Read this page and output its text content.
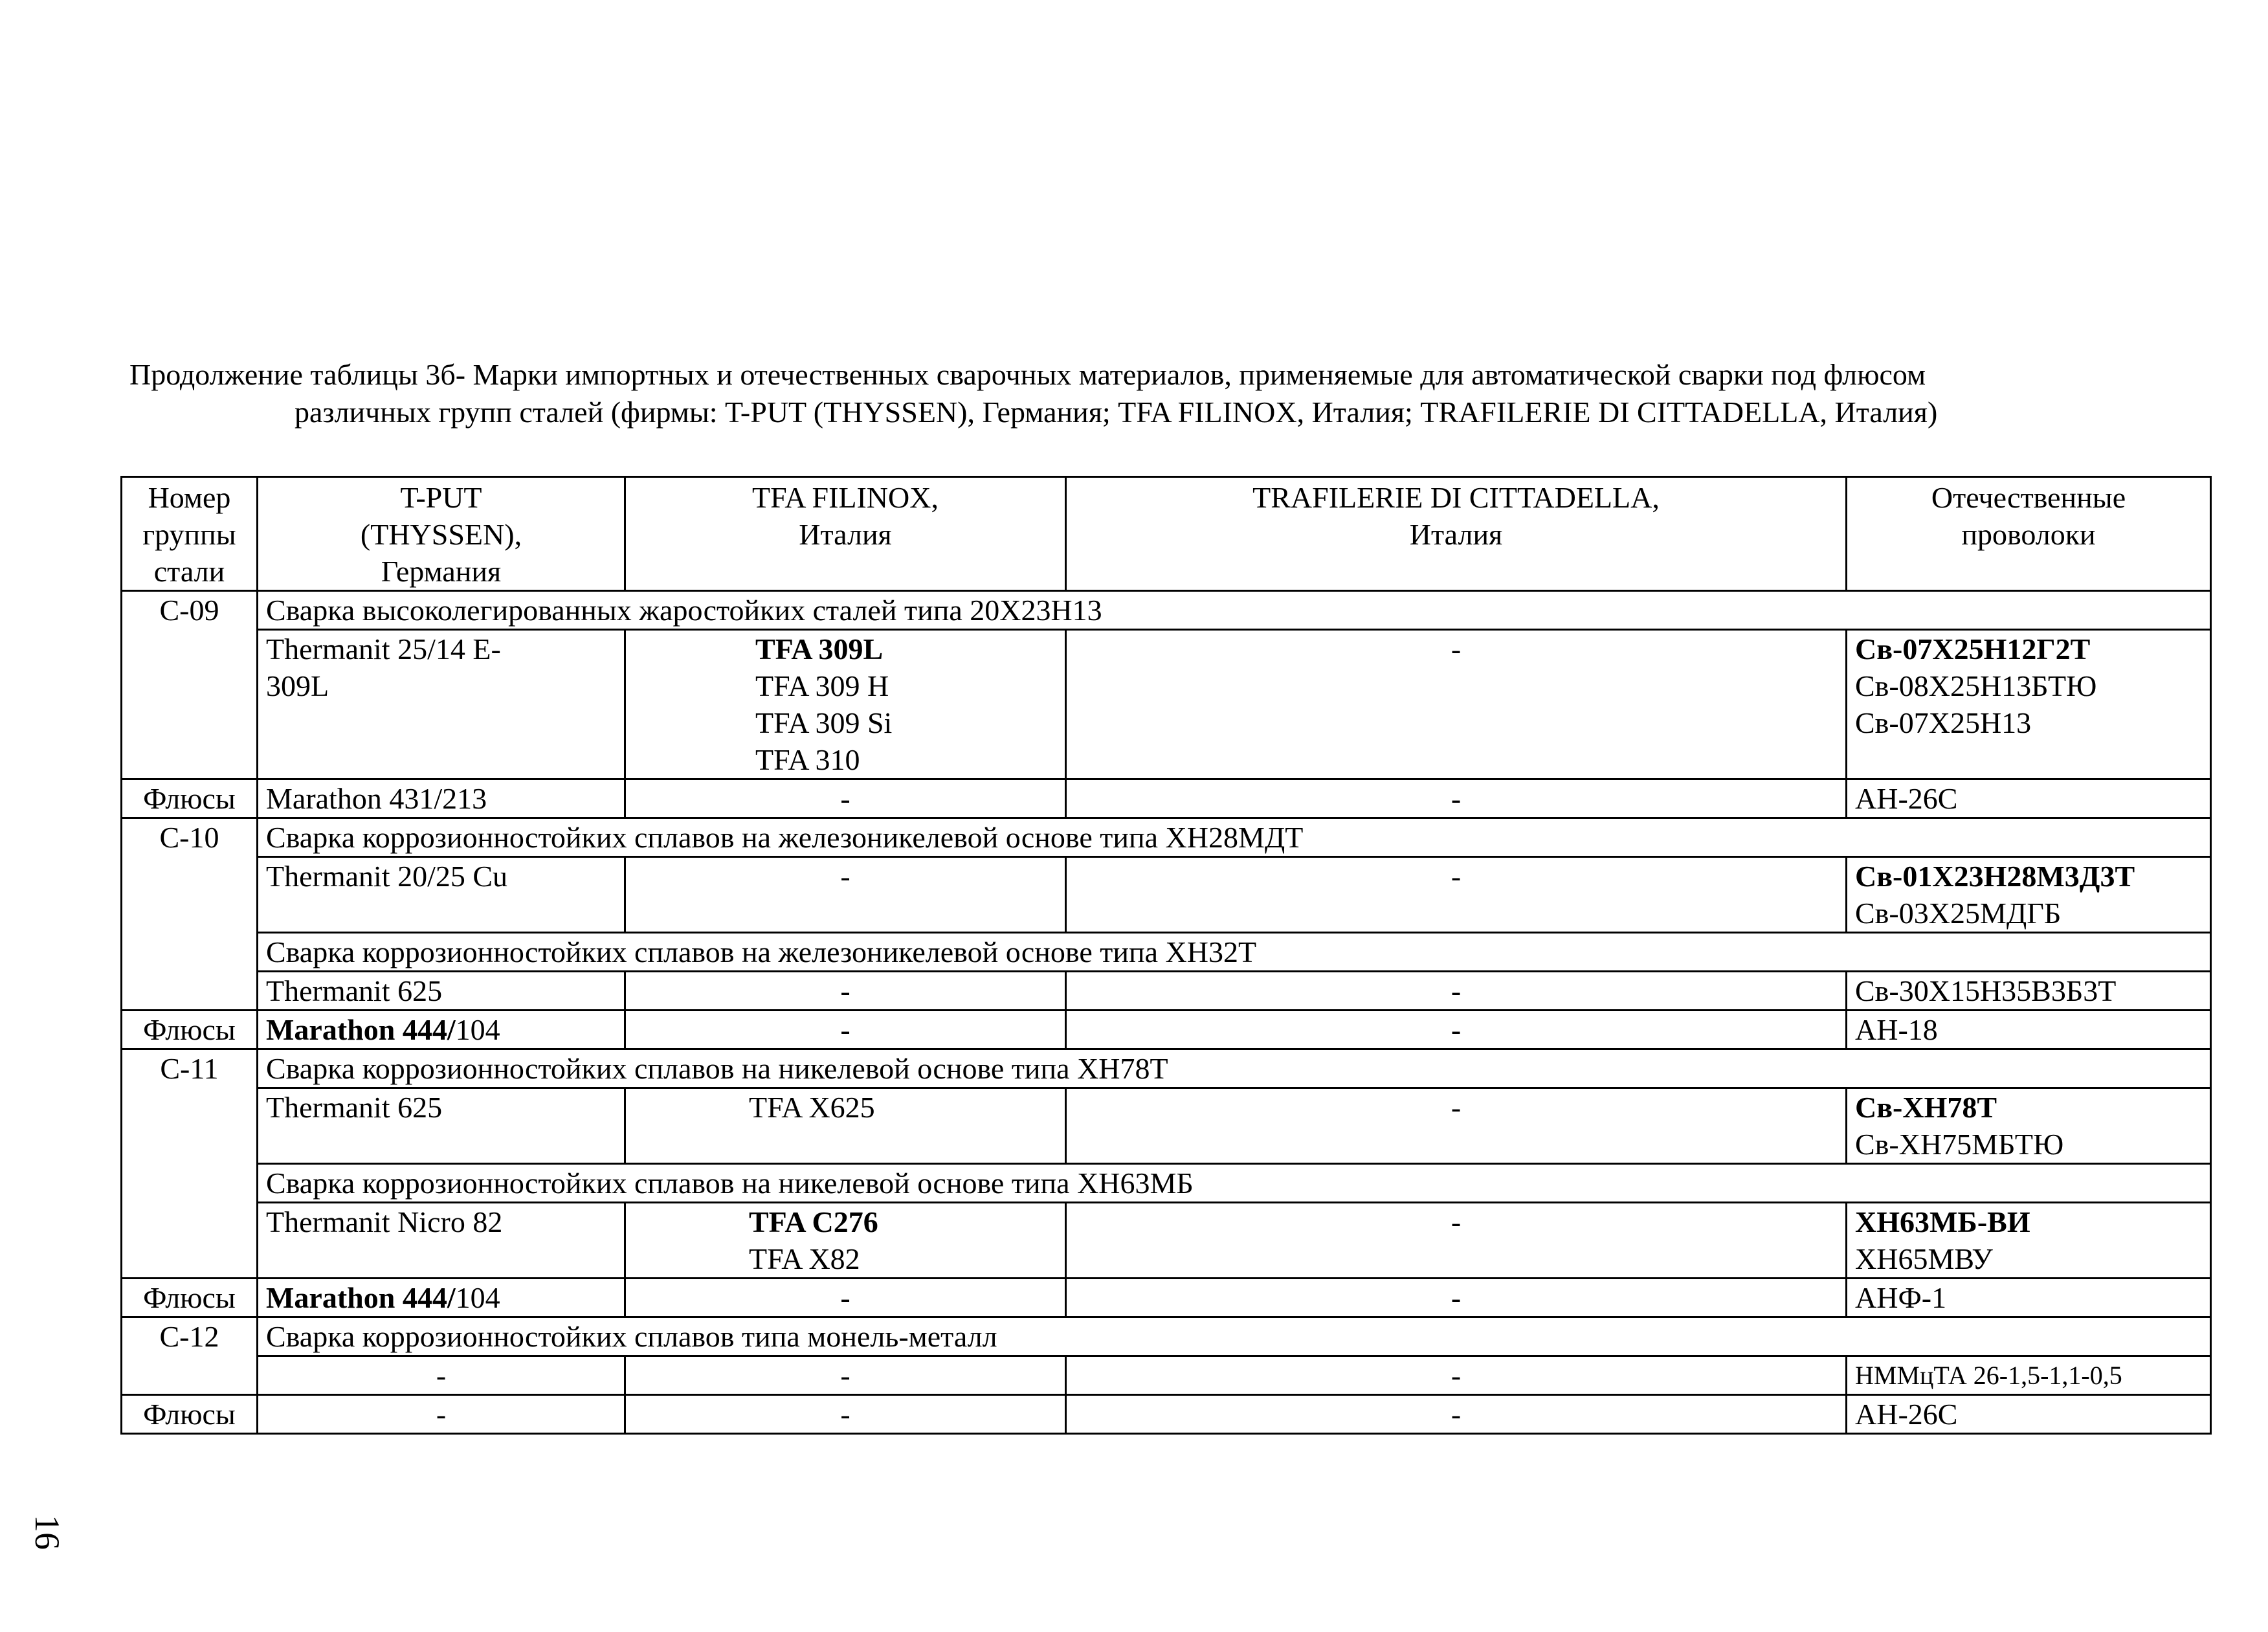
Продолжение таблицы 3б- Марки импортных и отечественных сварочных материалов, применяемые для автоматической сварки под флюсом
различных групп сталей (фирмы: T-PUT (THYSSEN), Германия; TFA FILINOX, Италия; TRAFILERIE DI CITTADELLA, Италия)
Номер
группы
стали	T-PUT
(THYSSEN),
Германия	TFA FILINOX,
Италия	TRAFILERIE DI CITTADELLA,
Италия	Отечественные
проволоки

С-09	Сварка высоколегированных жаростойких сталей типа 20Х23Н13			

	Thermanit 25/14 E-
309L	TFA 309L
TFA 309 H
TFA 309 Si
TFA 310	-	Св-07Х25Н12Г2Т
Св-08Х25Н13БТЮ
Св-07Х25Н13

Флюсы	Marathon 431/213	-	-	АН-26С
С-10	Сварка коррозионностойких сплавов на железоникелевой основе типа ХН28МДТ			
	Thermanit 20/25 Cu	-	-	Св-01Х23Н28М3Д3Т
Св-03Х25МДГБ

	Сварка коррозионностойких сплавов на железоникелевой основе типа ХН32Т			
	Thermanit 625	-	-	Св-30Х15Н35В3Б3Т
Флюсы	Marathon 444/104	-	-	АН-18
С-11	Сварка коррозионностойких сплавов на никелевой основе типа ХН78Т			
	Thermanit 625	TFA X625	-	Св-ХН78Т
Св-ХН75МБТЮ

	Сварка коррозионностойких сплавов на никелевой основе типа ХН63МБ			
	Thermanit Nicro 82	TFA C276
TFA X82	-	ХН63МБ-ВИ
ХН65МВУ

Флюсы	Marathon 444/104	-	-	АНФ-1
С-12	Сварка коррозионностойких сплавов типа монель-металл			
	-	-	-	НММцТА 26-1,5-1,1-0,5
Флюсы	-	-	-	АН-26С
16
